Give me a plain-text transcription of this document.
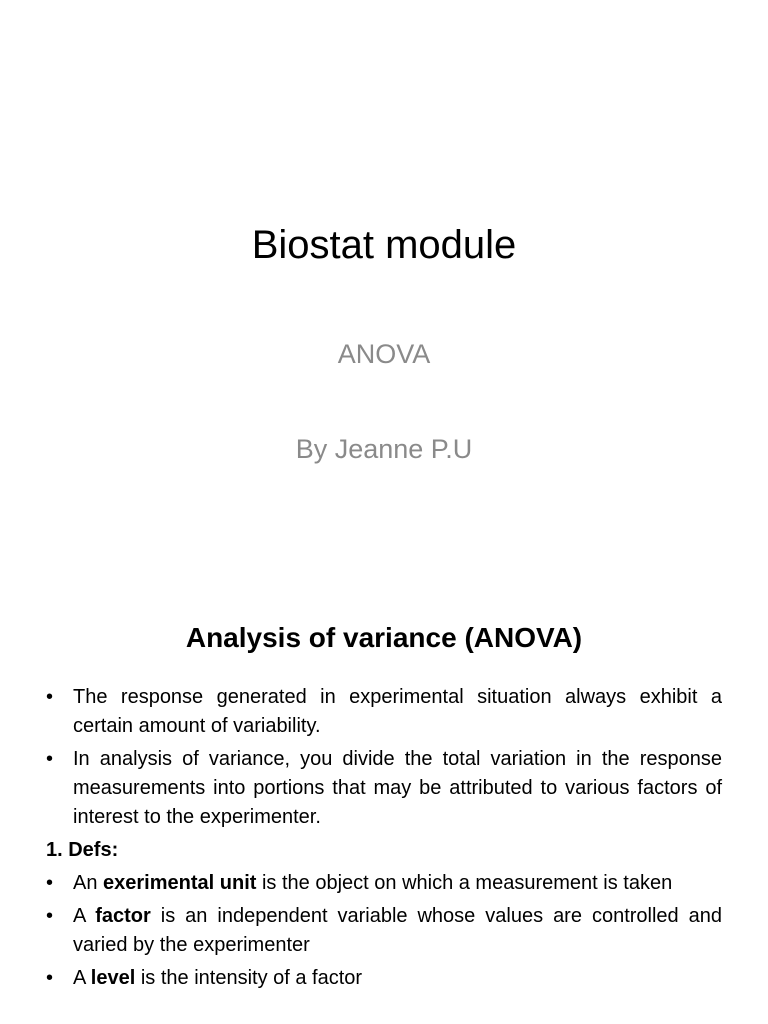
Biostat module
ANOVA
By Jeanne P.U
Analysis of variance (ANOVA)
• The response generated in experimental situation always exhibit a certain amount of variability.
• In analysis of variance, you divide the total variation in the response measurements into portions that may be attributed to various factors of interest to the experimenter.
1. Defs:
• An exerimental unit is the object on which a measurement is taken
• A factor is an independent variable whose values are controlled and varied by the experimenter
• A level is the intensity of a factor
